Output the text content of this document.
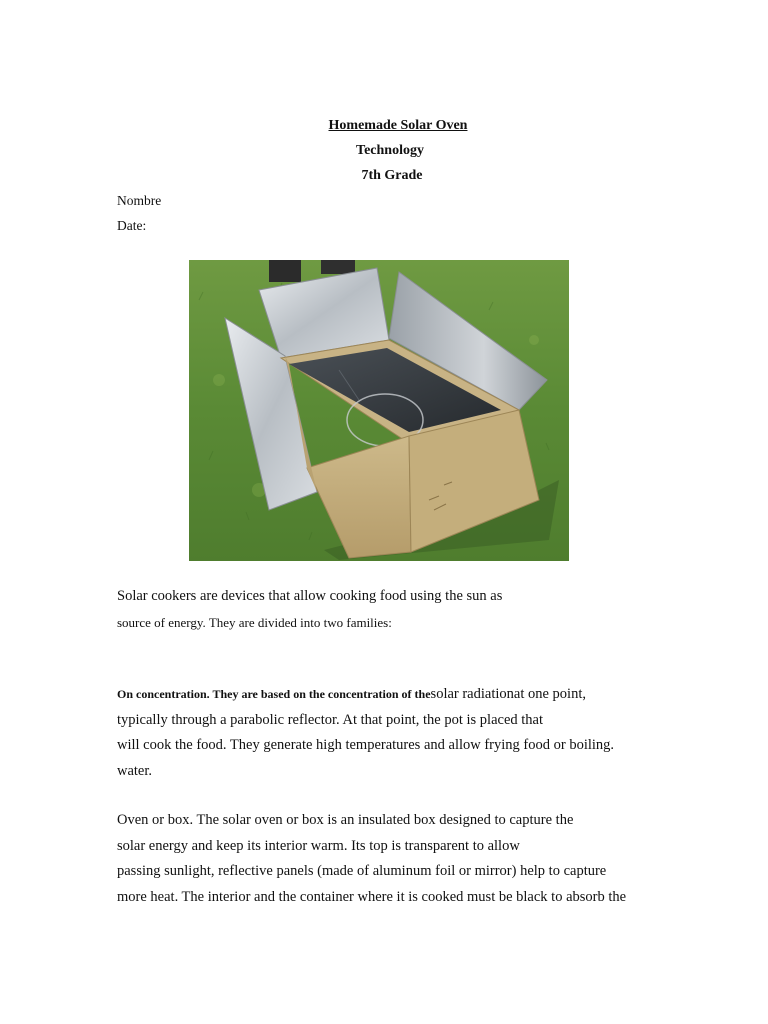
Homemade Solar Oven
Technology
7th Grade
Nombre
Date:
Solar cookers are devices that allow cooking food using the sun as
source of energy. They are divided into two families:
On concentration. They are based on the concentration of thesolar radiationat one point,
typically through a parabolic reflector. At that point, the pot is placed that
will cook the food. They generate high temperatures and allow frying food or boiling.
water.
Oven or box. The solar oven or box is an insulated box designed to capture the
solar energy and keep its interior warm. Its top is transparent to allow
passing sunlight, reflective panels (made of aluminum foil or mirror) help to capture
more heat. The interior and the container where it is cooked must be black to absorb the
